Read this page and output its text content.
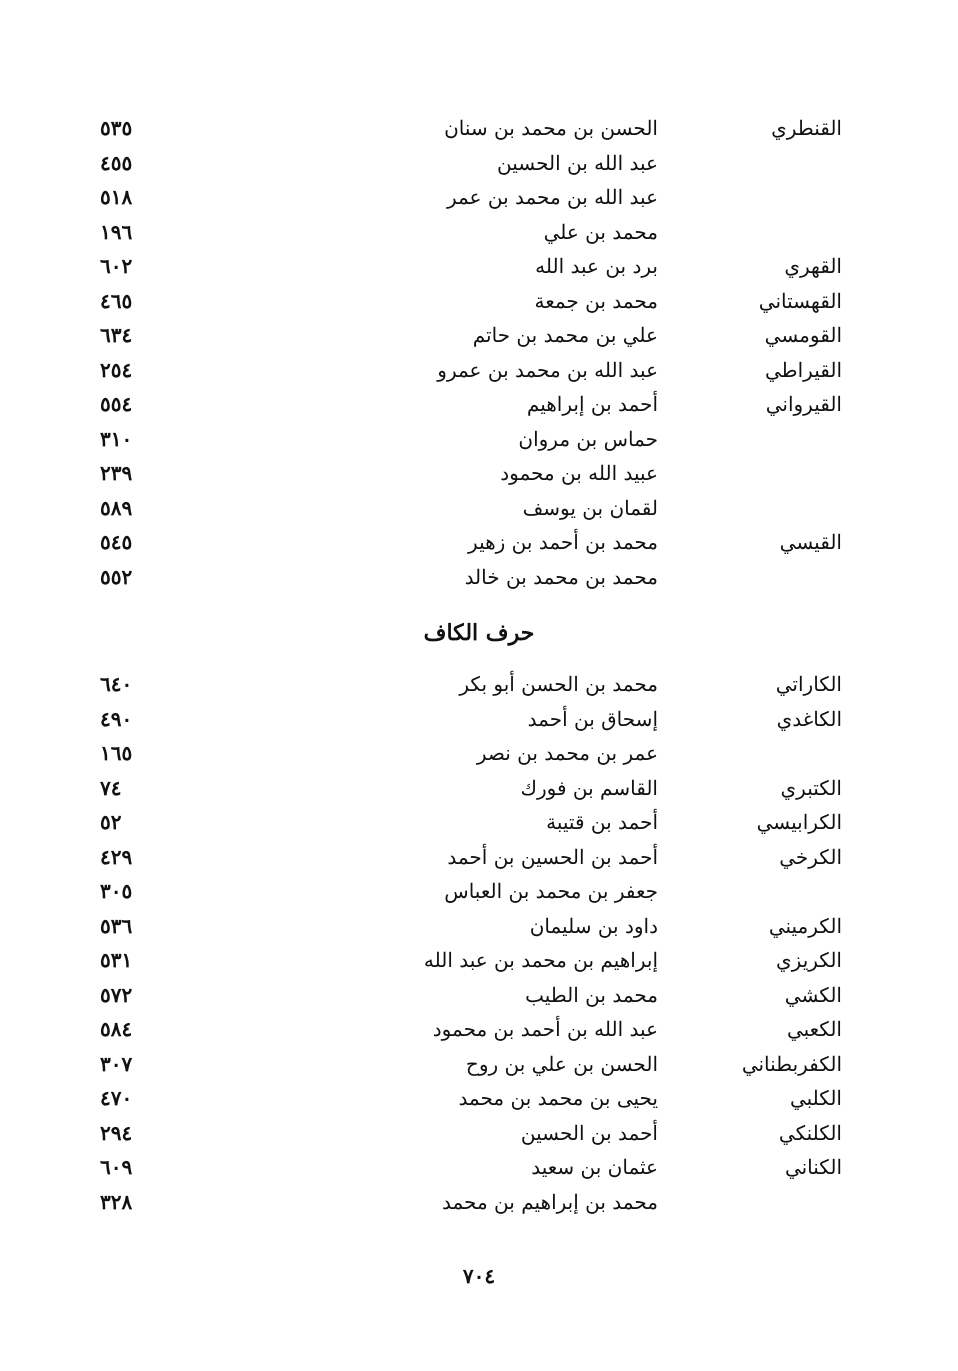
القنطري
الحسن بن محمد بن سنان
٥٣٥
عبد الله بن الحسين
٤٥٥
عبد الله بن محمد بن عمر
٥١٨
محمد بن علي
١٩٦
القهري
برد بن عبد الله
٦٠٢
القهستاني
محمد بن جمعة
٤٦٥
القومسي
علي بن محمد بن حاتم
٦٣٤
القيراطي
عبد الله بن محمد بن عمرو
٢٥٤
القيرواني
أحمد بن إبراهيم
٥٥٤
حماس بن مروان
٣١٠
عبيد الله بن محمود
٢٣٩
لقمان بن يوسف
٥٨٩
القيسي
محمد بن أحمد بن زهير
٥٤٥
محمد بن محمد بن خالد
٥٥٢
حرف الكاف
الكاراتي
محمد بن الحسن أبو بكر
٦٤٠
الكاغدي
إسحاق بن أحمد
٤٩٠
عمر بن محمد بن نصر
١٦٥
الكتبري
القاسم بن فورك
٧٤
الكرابيسي
أحمد بن قتيبة
٥٢
الكرخي
أحمد بن الحسين بن أحمد
٤٢٩
جعفر بن محمد بن العباس
٣٠٥
الكرميني
داود بن سليمان
٥٣٦
الكريزي
إبراهيم بن محمد بن عبد الله
٥٣١
الكشي
محمد بن الطيب
٥٧٢
الكعبي
عبد الله بن أحمد بن محمود
٥٨٤
الكفربطناني
الحسن بن علي بن روح
٣٠٧
الكلبي
يحيى بن محمد بن محمد
٤٧٠
الكلنكي
أحمد بن الحسين
٢٩٤
الكناني
عثمان بن سعيد
٦٠٩
محمد بن إبراهيم بن محمد
٣٢٨
٧٠٤
